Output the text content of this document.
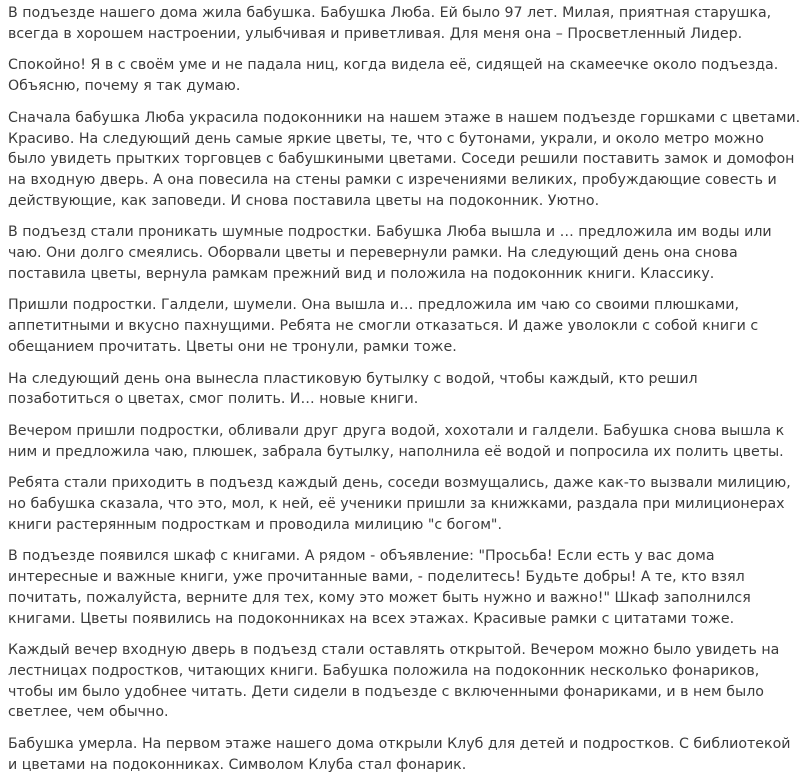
В подъезде нашего дома жила бабушка. Бабушка Люба. Ей было 97 лет. Милая, приятная старушка, всегда в хорошем настроении, улыбчивая и приветливая. Для меня она – Просветленный Лидер.

Спокойно! Я в с своём уме и не падала ниц, когда видела её, сидящей на скамеечке около подъезда. Объясню, почему я так думаю.

Сначала бабушка Люба украсила подоконники на нашем этаже в нашем подъезде горшками с цветами. Красиво. На следующий день самые яркие цветы, те, что с бутонами, украли, и около метро можно было увидеть прытких торговцев с бабушкиными цветами. Соседи решили поставить замок и домофон на входную дверь. А она повесила на стены рамки с изречениями великих, пробуждающие совесть и действующие, как заповеди. И снова поставила цветы на подоконник. Уютно.

В подъезд стали проникать шумные подростки. Бабушка Люба вышла и … предложила им воды или чаю. Они долго смеялись. Оборвали цветы и перевернули рамки. На следующий день она снова поставила цветы, вернула рамкам прежний вид и положила на подоконник книги. Классику.

Пришли подростки. Галдели, шумели. Она вышла и… предложила им чаю со своими плюшками, аппетитными и вкусно пахнущими. Ребята не смогли отказаться. И даже уволокли с собой книги с обещанием прочитать. Цветы они не тронули, рамки тоже.

На следующий день она вынесла пластиковую бутылку с водой, чтобы каждый, кто решил позаботиться о цветах, смог полить. И… новые книги.

Вечером пришли подростки, обливали друг друга водой, хохотали и галдели. Бабушка снова вышла к ним и предложила чаю, плюшек, забрала бутылку, наполнила её водой и попросила их полить цветы.

Ребята стали приходить в подъезд каждый день, соседи возмущались, даже как-то вызвали милицию, но бабушка сказала, что это, мол, к ней, её ученики пришли за книжками, раздала при милиционерах книги растерянным подросткам и проводила милицию "с богом".

В подъезде появился шкаф с книгами. А рядом - объявление: "Просьба! Если есть у вас дома интересные и важные книги, уже прочитанные вами, - поделитесь! Будьте добры! А те, кто взял почитать, пожалуйста, верните для тех, кому это может быть нужно и важно!" Шкаф заполнился книгами. Цветы появились на подоконниках на всех этажах. Красивые рамки с цитатами тоже.

Каждый вечер входную дверь в подъезд стали оставлять открытой. Вечером можно было увидеть на лестницах подростков, читающих книги. Бабушка положила на подоконник несколько фонариков, чтобы им было удобнее читать. Дети сидели в подъезде с включенными фонариками, и в нем было светлее, чем обычно.

Бабушка умерла. На первом этаже нашего дома открыли Клуб для детей и подростков. С библиотекой и цветами на подоконниках. Символом Клуба стал фонарик.
